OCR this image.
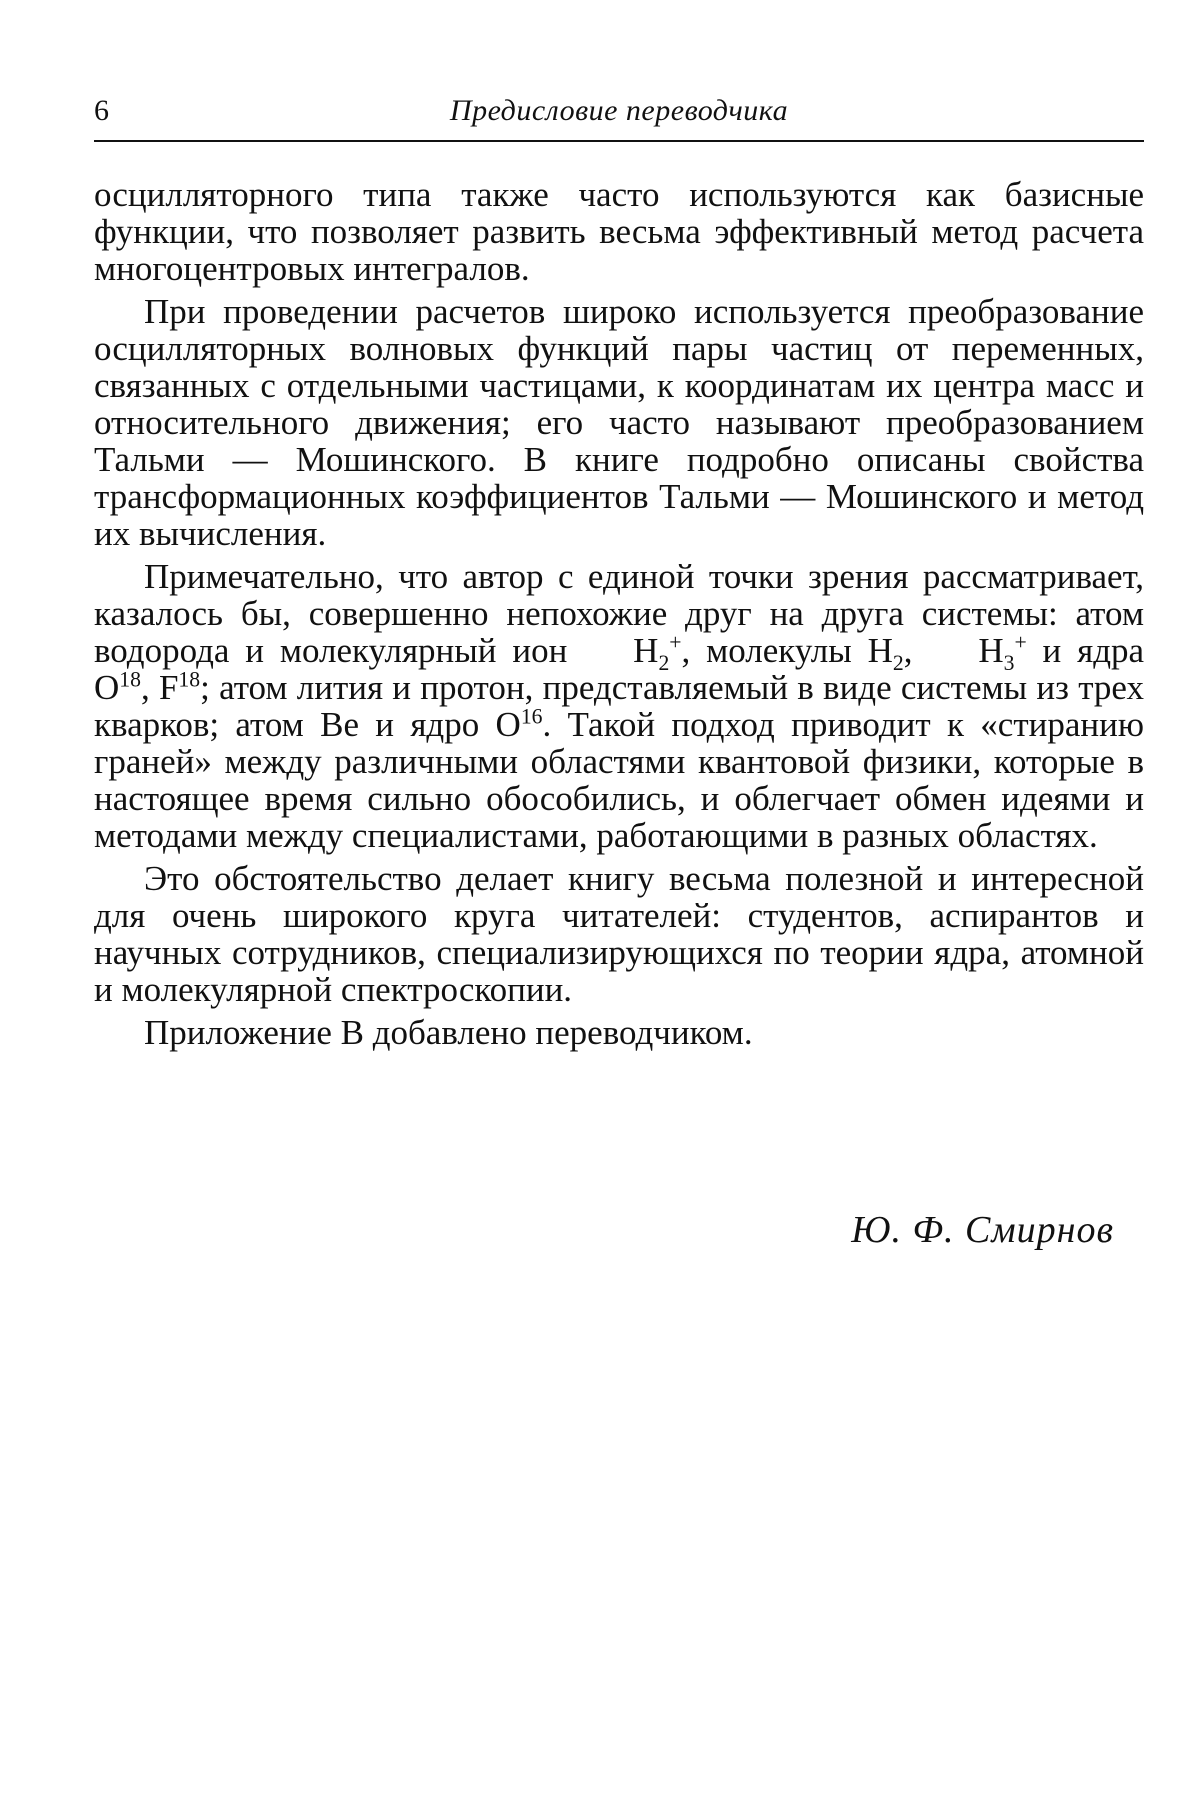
6	Предисловие переводчика

осцилляторного типа также часто используются как базисные функции, что позволяет развить весьма эффективный метод расчета многоцентровых интегралов.

При проведении расчетов широко используется преобразование осцилляторных волновых функций пары частиц от переменных, связанных с отдельными частицами, к координатам их центра масс и относительного движения; его часто называют преобразованием Тальми — Мошинского. В книге подробно описаны свойства трансформационных коэффициентов Тальми — Мошинского и метод их вычисления.

Примечательно, что автор с единой точки зрения рассматривает, казалось бы, совершенно непохожие друг на друга системы: атом водорода и молекулярный ион $H_2^+$, молекулы $H_2$, $H_3^+$ и ядра $O^{18}$, $F^{18}$; атом лития и протон, представляемый в виде системы из трех кварков; атом Be и ядро $O^{16}$. Такой подход приводит к «стиранию граней» между различными областями квантовой физики, которые в настоящее время сильно обособились, и облегчает обмен идеями и методами между специалистами, работающими в разных областях.

Это обстоятельство делает книгу весьма полезной и интересной для очень широкого круга читателей: студентов, аспирантов и научных сотрудников, специализирующихся по теории ядра, атомной и молекулярной спектроскопии.

Приложение В добавлено переводчиком.

Ю. Ф. Смирнов
